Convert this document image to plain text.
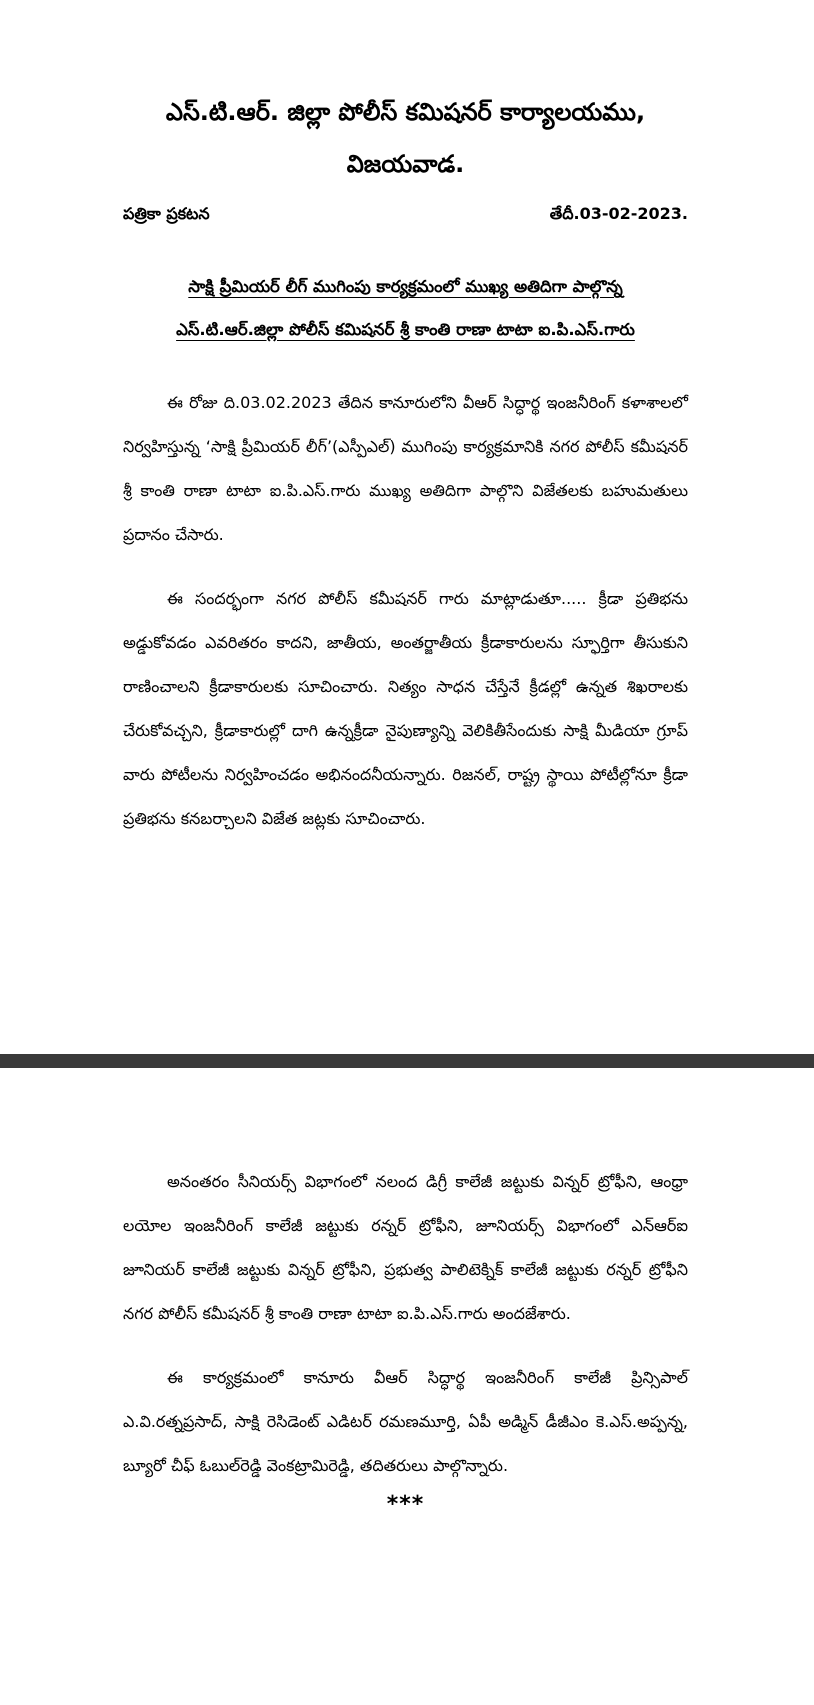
ఎస్.టి.ఆర్. జిల్లా పోలీస్ కమిషనర్ కార్యాలయము,
విజయవాడ.
పత్రికా ప్రకటన	తేదీ.03-02-2023.
సాక్షి ప్రీమియర్ లీగ్ ముగింపు కార్యక్రమంలో ముఖ్య అతిదిగా పాల్గొన్న
ఎస్.టి.ఆర్.జిల్లా పోలీస్ కమిషనర్ శ్రీ కాంతి రాణా టాటా ఐ.పి.ఎస్.గారు

ఈ రోజు ది.03.02.2023 తేదిన కానూరులోని వీఆర్ సిద్ధార్థ ఇంజనీరింగ్ కళాశాలలో నిర్వహిస్తున్న ‘సాక్షి ప్రీమియర్ లీగ్’(ఎస్పీఎల్) ముగింపు కార్యక్రమానికి నగర పోలీస్ కమీషనర్ శ్రీ కాంతి రాణా టాటా ఐ.పి.ఎస్.గారు ముఖ్య అతిదిగా పాల్గొని విజేతలకు బహుమతులు ప్రదానం చేసారు.

ఈ సందర్భంగా నగర పోలీస్ కమీషనర్ గారు మాట్లాడుతూ..... క్రీడా ప్రతిభను అడ్డుకోవడం ఎవరితరం కాదని, జాతీయ, అంతర్జాతీయ క్రీడాకారులను స్ఫూర్తిగా తీసుకుని రాణించాలని క్రీడాకారులకు సూచించారు. నిత్యం సాధన చేస్తేనే క్రీడల్లో ఉన్నత శిఖరాలకు చేరుకోవచ్చని, క్రీడాకారుల్లో దాగి ఉన్నక్రీడా నైపుణ్యాన్ని వెలికితీసేందుకు సాక్షి మీడియా గ్రూప్ వారు పోటీలను నిర్వహించడం అభినందనీయన్నారు. రిజనల్, రాష్ట్ర స్థాయి పోటీల్లోనూ క్రీడా ప్రతిభను కనబర్చాలని విజేత జట్లకు సూచించారు.

అనంతరం సీనియర్స్ విభాగంలో నలంద డిగ్రీ కాలేజీ జట్టుకు విన్నర్ ట్రోఫీని, ఆంధ్రా లయోల ఇంజనీరింగ్ కాలేజీ జట్టుకు రన్నర్ ట్రోఫీని, జూనియర్స్ విభాగంలో ఎన్ఆర్ఐ జూనియర్ కాలేజీ జట్టుకు విన్నర్ ట్రోఫీని, ప్రభుత్వ పాలిటెక్నిక్ కాలేజీ జట్టుకు రన్నర్ ట్రోఫీని నగర పోలీస్ కమీషనర్ శ్రీ కాంతి రాణా టాటా ఐ.పి.ఎస్.గారు అందజేశారు.

ఈ కార్యక్రమంలో కానూరు వీఆర్ సిద్ధార్థ ఇంజనీరింగ్ కాలేజీ ప్రిన్సిపాల్ ఎ.వి.రత్నప్రసాద్, సాక్షి రెసిడెంట్ ఎడిటర్ రమణమూర్తి, ఏపీ అడ్మిన్ డీజీఎం కె.ఎస్.అప్పన్న, బ్యూరో చీఫ్ ఓబుల్‌రెడ్డి వెంకట్రామిరెడ్డి, తదితరులు పాల్గొన్నారు.

***
